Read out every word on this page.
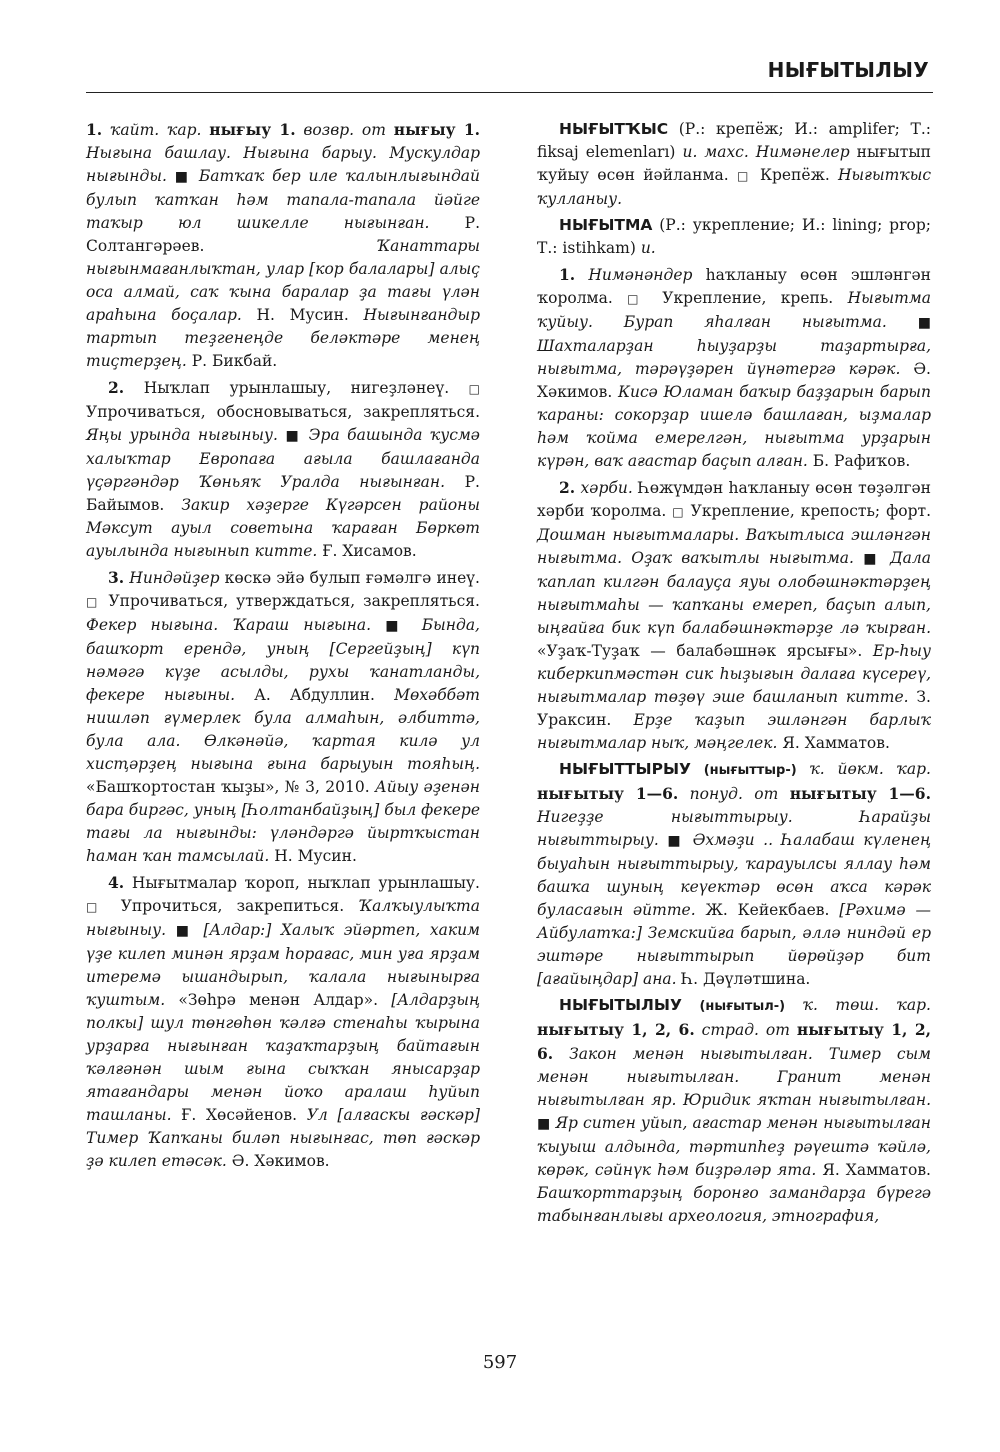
НЫҒЫТЫЛЫУ

1. ҡайт. ҡар. нығыу 1. возвр. от нығыу 1. Нығына башлау. Нығына барыу. Мускулдар нығынды. ■ Батҡаҡ бер иле ҡалынлығындай булып ҡатҡан һәм тапала-тапала йәйге таҡыр юл шикелле нығынған. Р. Солтангәрәев.	Ҡанаттары нығынмағанлыҡтан, улар [кор балалары] алыҫ оса алмай, саҡ ҡына баралар ҙа тағы үлән араһына боҫалар. Н. Мусин. Нығынғандыр тартып теҙгенеңде беләктәре менең тиҫтерҙең. Р. Бикбай.

2. Ныҡлап урынлашыу, нигеҙләнеү. □ Упрочиваться, обосновываться, закрепляться. Яңы урында нығыныу. ■ Эра башында ҡусмә халыҡтар Европаға ағыла башлағанда үҫәргәндәр Ҡөньяҡ Уралда нығынған. Р. Байымов. Закир хәҙерге Күгәрсен районы Мәкcут ауыл советына ҡараған Бөркөт ауылында нығынып китте. Ғ. Хисамов.

3. Ниндәйҙер көскә эйә булып ғәмәлгә инеү. □ Упрочиваться, утверждаться, закрепляться. Фекер нығына. Ҡараш нығына. ■ Бында, башҡорт ерендә, уның [Сергейҙың] күп нәмәгә күҙе асылды, рухы ҡанатланды, фекере нығыны. А. Абдуллин. Мөхәббәт нишләп ғүмерлек була алмаһын, әлбиттә, була ала. Өлкәнәйә, ҡартая килә ул хисҭәрҙең нығына ғына барыуын тояһың. «Башҡортостан ҡыҙы», № 3, 2010. Айыу әҙенән бара биргәс, уның [Һолтанбайҙың] был фекере тағы ла нығынды: үләндәргә йыртҡыстан һаман ҡан тамсылай. Н. Мусин.

4. Нығытмалар ҡороп, ныҡлап урынлашыу. □ Упрочиться, закрепиться. Ҡалҡыулыҡта нығыныу. ■ [Алдар:] Халыҡ эйәртеп, хаким үҙе килеп минән ярҙам һорағас, мин уға ярҙам итеремә ышандырып, ҡалала нығынырға ҡуштым. «Зөһрә менән Алдар». [Алдарҙың полкы] шул төнгөһөн ҡәлғә стенаһы ҡырына урҙарға нығынған ҡаҙаҡтарҙың байтағын ҡәлғәнән шым ғына сыҡҡан янысарҙар ятағандары менән йоҡо аралаш һуйып ташланы. Ғ. Хөсәйенов. Ул [алғаскы ғәскәр] Тимер Ҡапҡаны биләп нығынғас, төп ғәскәр ҙә килеп етәсәк. Ә. Хәкимов.

НЫҒЫТҠЫС (Р.: крепёж; И.: amplifer; Т.: fiksaj elemenları) и. махс. Нимәнелер нығытып ҡуйыу өсөн йәйланма. □ Крепёж. Нығытҡыс ҡулланыу.

НЫҒЫТМА (Р.: укрепление; И.: lining; prop; Т.: istihkam) и.

1. Нимәнәндер һаҡланыу өсөн эшләнгән ҡоролма. □ Укрепление, крепь. Нығытма ҡуйыу. Бурап яһалған нығытма. ■ Шахталарҙан һыуҙарҙы таҙартырға, нығытма, тәрәүҙәрен йүнәтергә кәрәк. Ә. Хәкимов. Кисә Юламан баҡыр баҙҙарын барып ҡараны: сокорҙар ишелә башлаған, ыҙмалар һәм ҡойма емерелгән, нығытма урҙарын күрән, ваҡ ағастар баҫып алған. Б. Рафиҡов.

2. хәрби. Һөжүмдән һаҡланыу өсөн төҙәлгән хәрби ҡоролма. □ Укрепление, крепость; форт. Дошман нығытмалары. Ваҡытлыса эшләнгән нығытма. Оҙаҡ ваҡытлы нығытма. ■ Дала ҡаплап килгән балауҫа яуы олобәшнәктәрҙең нығытмаһы — ҡапҡаны емереп, баҫып алып, ыңғайға бик күп балабәшнәктәрҙе лә ҡырған. «Уҙаҡ-Туҙаҡ — балабәшнәк ярсығы». Ер-һыу киберкипмәстән сик һыҙығын далаға күсереү, нығытмалар төҙөү эше башланып китте. З. Ураксин. Ерҙе ҡаҙып эшләнгән барлыҡ нығытмалар ныҡ, мәңгелек. Я. Хамматов.

НЫҒЫТТЫРЫУ (нығыттыр-) ҡ. йөкм. ҡар. нығытыу 1—6. понуд. от нығытыу 1—6. Нигеҙҙе нығыттырыу. Һарайҙы нығыттырыу. ■ Әхмәҙи .. Һалабаш күленең быуаһын нығыттырыу, ҡарауылсы яллау һәм башҡа шуның кеүектәр өсөн аҡса кәрәк буласағын әйтте. Ж. Кейекбаев. [Рәхимә — Айбулатҡа:] Земскийға барып, әллә ниндәй ер эштәре нығыттырып йөрөйҙәр бит [ағайыңдар] ана. Һ. Дәүләтшина.

НЫҒЫТЫЛЫУ (нығытыл-) ҡ. төш. ҡар. нығытыу 1, 2, 6. страд. от нығытыу 1, 2, 6. Закон менән нығытылған. Тимер сым менән нығытылған. Гранит менән нығытылған яр. Юридик яҡтан нығытылған. ■ Яр ситен уйып, ағастар менән нығытылған ҡыуыш алдында, тәртипһеҙ рәүештә ҡәйлә, көрәк, сәйнүк һәм биҙрәләр ята. Я. Хамматов. Башҡорттарҙың боронғо замандарҙа бүрегә табынғанлығы археология, этнография,

597
